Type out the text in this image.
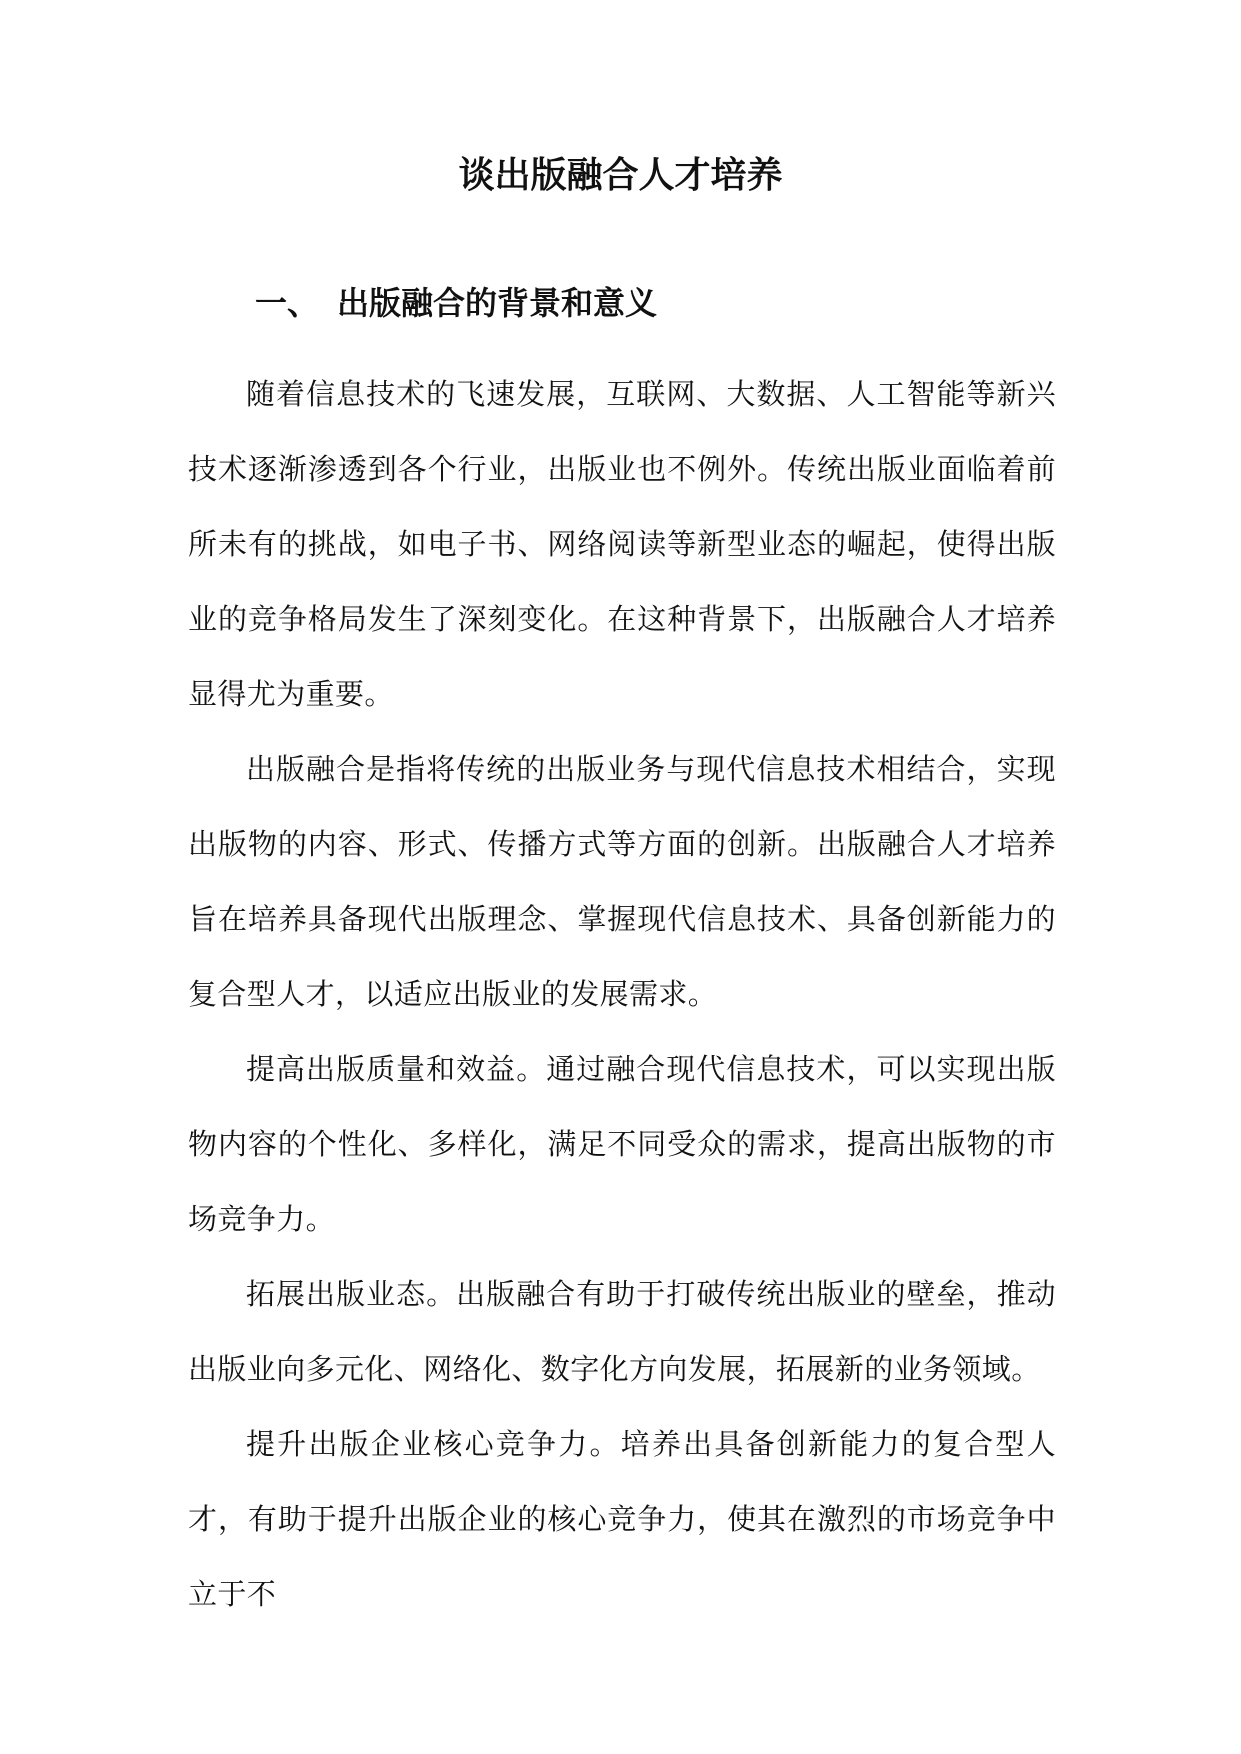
谈出版融合人才培养
一、 出版融合的背景和意义

随着信息技术的飞速发展，互联网、大数据、人工智能等新兴技术逐渐渗透到各个行业，出版业也不例外。传统出版业面临着前所未有的挑战，如电子书、网络阅读等新型业态的崛起，使得出版业的竞争格局发生了深刻变化。在这种背景下，出版融合人才培养显得尤为重要。

出版融合是指将传统的出版业务与现代信息技术相结合，实现出版物的内容、形式、传播方式等方面的创新。出版融合人才培养旨在培养具备现代出版理念、掌握现代信息技术、具备创新能力的复合型人才，以适应出版业的发展需求。

提高出版质量和效益。通过融合现代信息技术，可以实现出版物内容的个性化、多样化，满足不同受众的需求，提高出版物的市场竞争力。

拓展出版业态。出版融合有助于打破传统出版业的壁垒，推动出版业向多元化、网络化、数字化方向发展，拓展新的业务领域。

提升出版企业核心竞争力。培养出具备创新能力的复合型人才，有助于提升出版企业的核心竞争力，使其在激烈的市场竞争中立于不
